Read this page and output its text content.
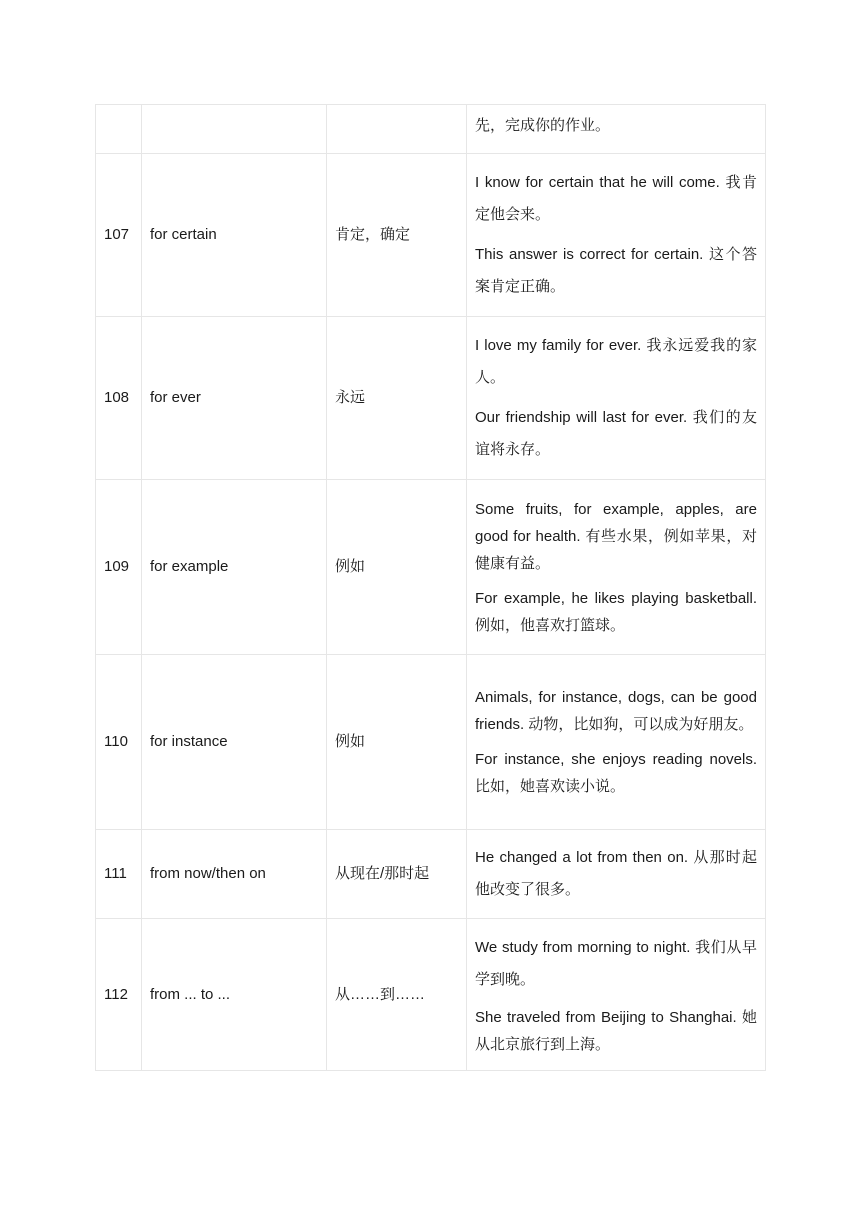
			先，完成你的作业。

107	for certain	肯定，确定	I know for certain that he will come. 我肯定他会来。

This answer is correct for certain. 这个答案肯定正确。

108	for ever	永远	I love my family for ever. 我永远爱我的家人。

Our friendship will last for ever. 我们的友谊将永存。

109	for example	例如	Some fruits, for example, apples, are good for health. 有些水果，例如苹果，对健康有益。

For example, he likes playing basketball. 例如，他喜欢打篮球。

110	for instance	例如	Animals, for instance, dogs, can be good friends. 动物，比如狗，可以成为好朋友。

For instance, she enjoys reading novels. 比如，她喜欢读小说。

111	from now/then on	从现在/那时起	He changed a lot from then on. 从那时起他改变了很多。

112	from ... to ...	从……到……	We study from morning to night. 我们从早学到晚。

She traveled from Beijing to Shanghai. 她从北京旅行到上海。
